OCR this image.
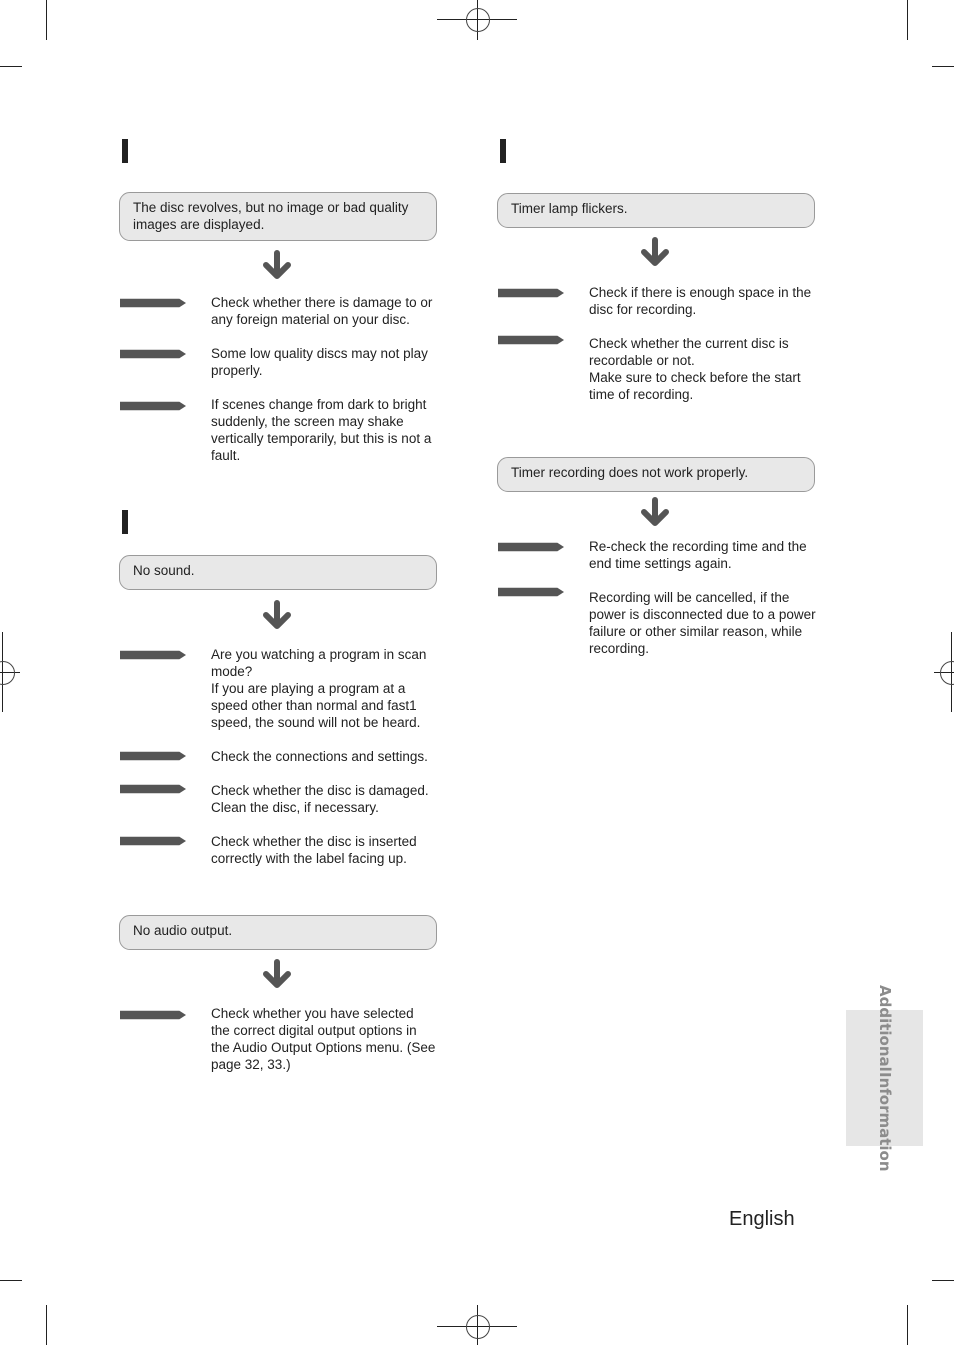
The disc revolves, but no image or bad quality images are displayed.
Check whether there is damage to or any foreign material on your disc.
Some low quality discs may not play properly.
If scenes change from dark to bright suddenly, the screen may shake vertically temporarily, but this is not a fault.
No sound.
Are you watching a program in scan mode?
If you are playing a program at a speed other than normal and fast1 speed, the sound will not be heard.
Check the connections and settings.
Check whether the disc is damaged.
Clean the disc, if necessary.
Check whether the disc is inserted correctly with the label facing up.
No audio output.
Check whether you have selected the correct digital output options in the Audio Output Options menu. (See page 32, 33.)
Timer lamp flickers.
Check if there is enough space in the disc for recording.
Check whether the current disc is recordable or not.
Make sure to check before the start time of recording.
Timer recording does not work properly.
Re-check the recording time and the end time settings again.
Recording will be cancelled, if the power is disconnected due to a power failure or other similar reason, while recording.
Additional
Information
English
